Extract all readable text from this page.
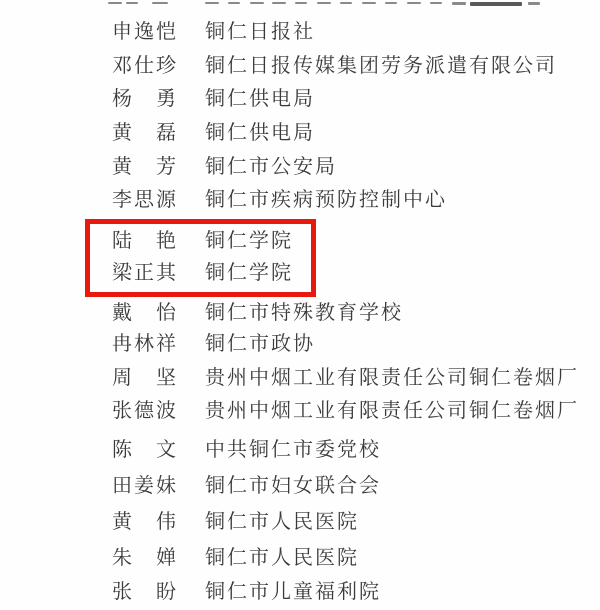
申逸恺 铜仁日报社
邓仕珍 铜仁日报传媒集团劳务派遣有限公司
杨　勇 铜仁供电局
黄　磊 铜仁供电局
黄　芳 铜仁市公安局
李思源 铜仁市疾病预防控制中心
陆　艳 铜仁学院
梁正其 铜仁学院
戴　怡 铜仁市特殊教育学校
冉林祥 铜仁市政协
周　坚 贵州中烟工业有限责任公司铜仁卷烟厂
张德波 贵州中烟工业有限责任公司铜仁卷烟厂
陈　文 中共铜仁市委党校
田姜妹 铜仁市妇女联合会
黄　伟 铜仁市人民医院
朱　婵 铜仁市人民医院
张　盼 铜仁市儿童福利院
